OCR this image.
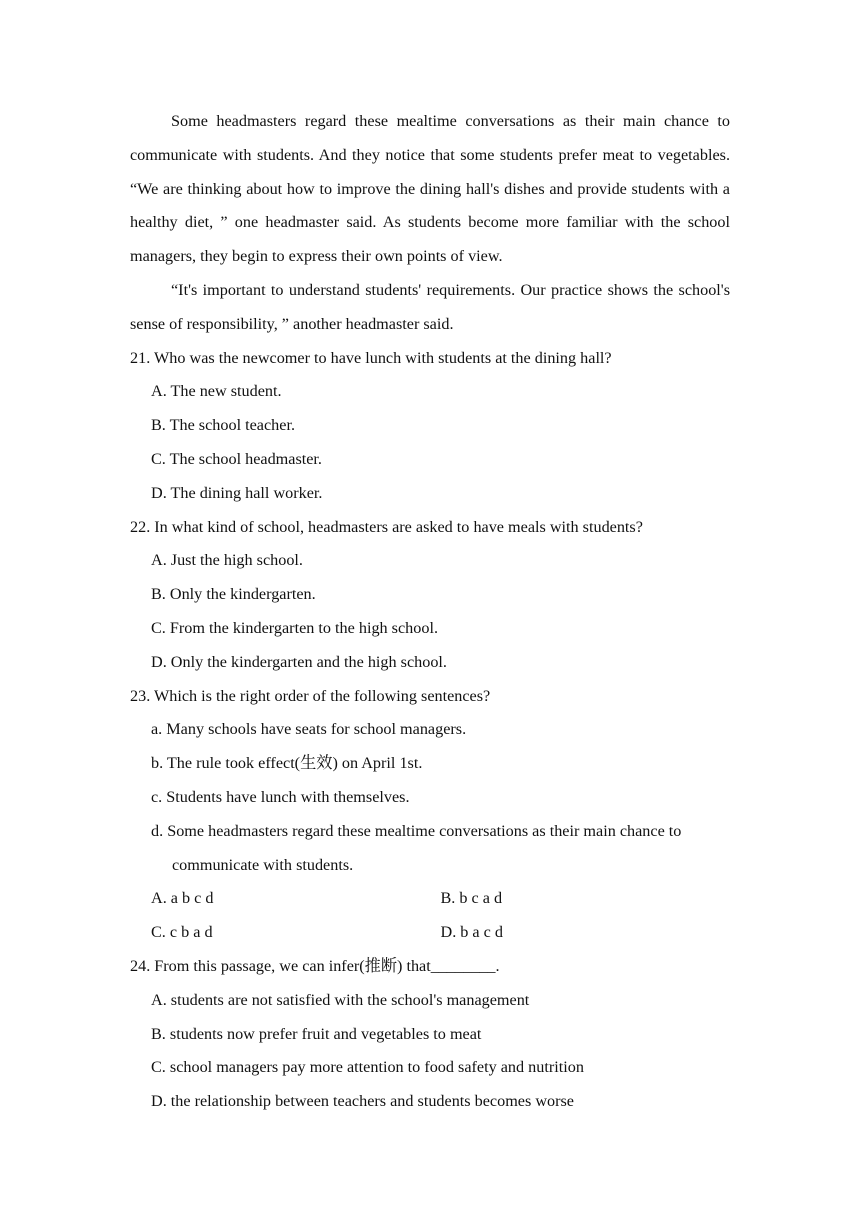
Some headmasters regard these mealtime conversations as their main chance to communicate with students. And they notice that some students prefer meat to vegetables. “We are thinking about how to improve the dining hall's dishes and provide students with a healthy diet, ” one headmaster said. As students become more familiar with the school managers, they begin to express their own points of view.

“It's important to understand students' requirements. Our practice shows the school's sense of responsibility, ” another headmaster said.

21. Who was the newcomer to have lunch with students at the dining hall?

A. The new student.

B. The school teacher.

C. The school headmaster.

D. The dining hall worker.

22. In what kind of school, headmasters are asked to have meals with students?

A. Just the high school.

B. Only the kindergarten.

C. From the kindergarten to the high school.

D. Only the kindergarten and the high school.

23. Which is the right order of the following sentences?

a. Many schools have seats for school managers.

b. The rule took effect(生效) on April 1st.

c. Students have lunch with themselves.

d. Some headmasters regard these mealtime conversations as their main chance to communicate with students.

A. a b c d	B. b c a d
C. c b a d	D. b a c d

24. From this passage, we can infer(推断) that________.

A. students are not satisfied with the school's management

B. students now prefer fruit and vegetables to meat

C. school managers pay more attention to food safety and nutrition

D. the relationship between teachers and students becomes worse
